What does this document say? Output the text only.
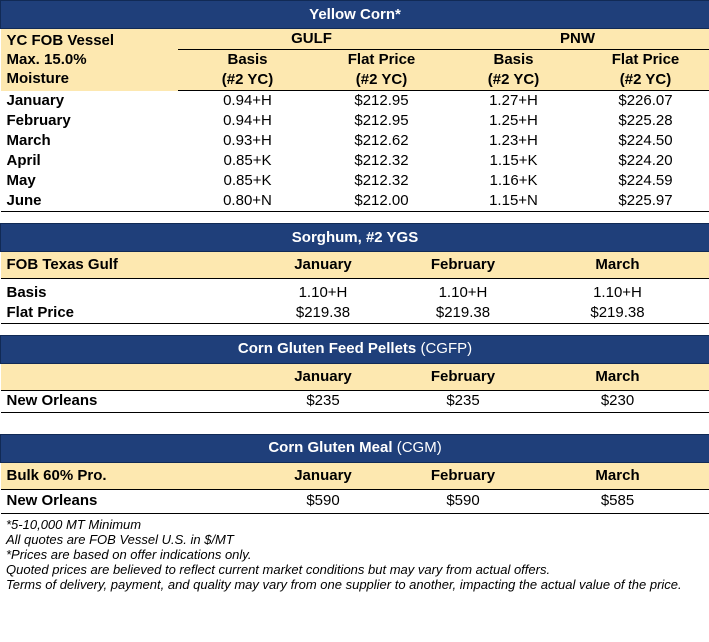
Yellow Corn*				

YC FOB Vessel
Max. 15.0%
Moisture	GULF		PNW	
	Basis	Flat Price	Basis	Flat Price
	(#2 YC)	(#2 YC)	(#2 YC)	(#2 YC)
January	0.94+H	$212.95	1.27+H	$226.07
February	0.94+H	$212.95	1.25+H	$225.28
March	0.93+H	$212.62	1.23+H	$224.50
April	0.85+K	$212.32	1.15+K	$224.20
May	0.85+K	$212.32	1.16+K	$224.59
June	0.80+N	$212.00	1.15+N	$225.97
Sorghum, #2 YGS			
FOB Texas Gulf	January	February	March

Basis	1.10+H	1.10+H	1.10+H
Flat Price	$219.38	$219.38	$219.38
Corn Gluten Feed Pellets (CGFP)			
	January	February	March
New Orleans	$235	$235	$230
Corn Gluten Meal (CGM)			
Bulk 60% Pro.	January	February	March
New Orleans	$590	$590	$585
*5-10,000 MT Minimum
All quotes are FOB Vessel U.S. in $/MT
*Prices are based on offer indications only.
Quoted prices are believed to reflect current market conditions but may vary from actual offers.
Terms of delivery, payment, and quality may vary from one supplier to another, impacting the actual value of the price.
